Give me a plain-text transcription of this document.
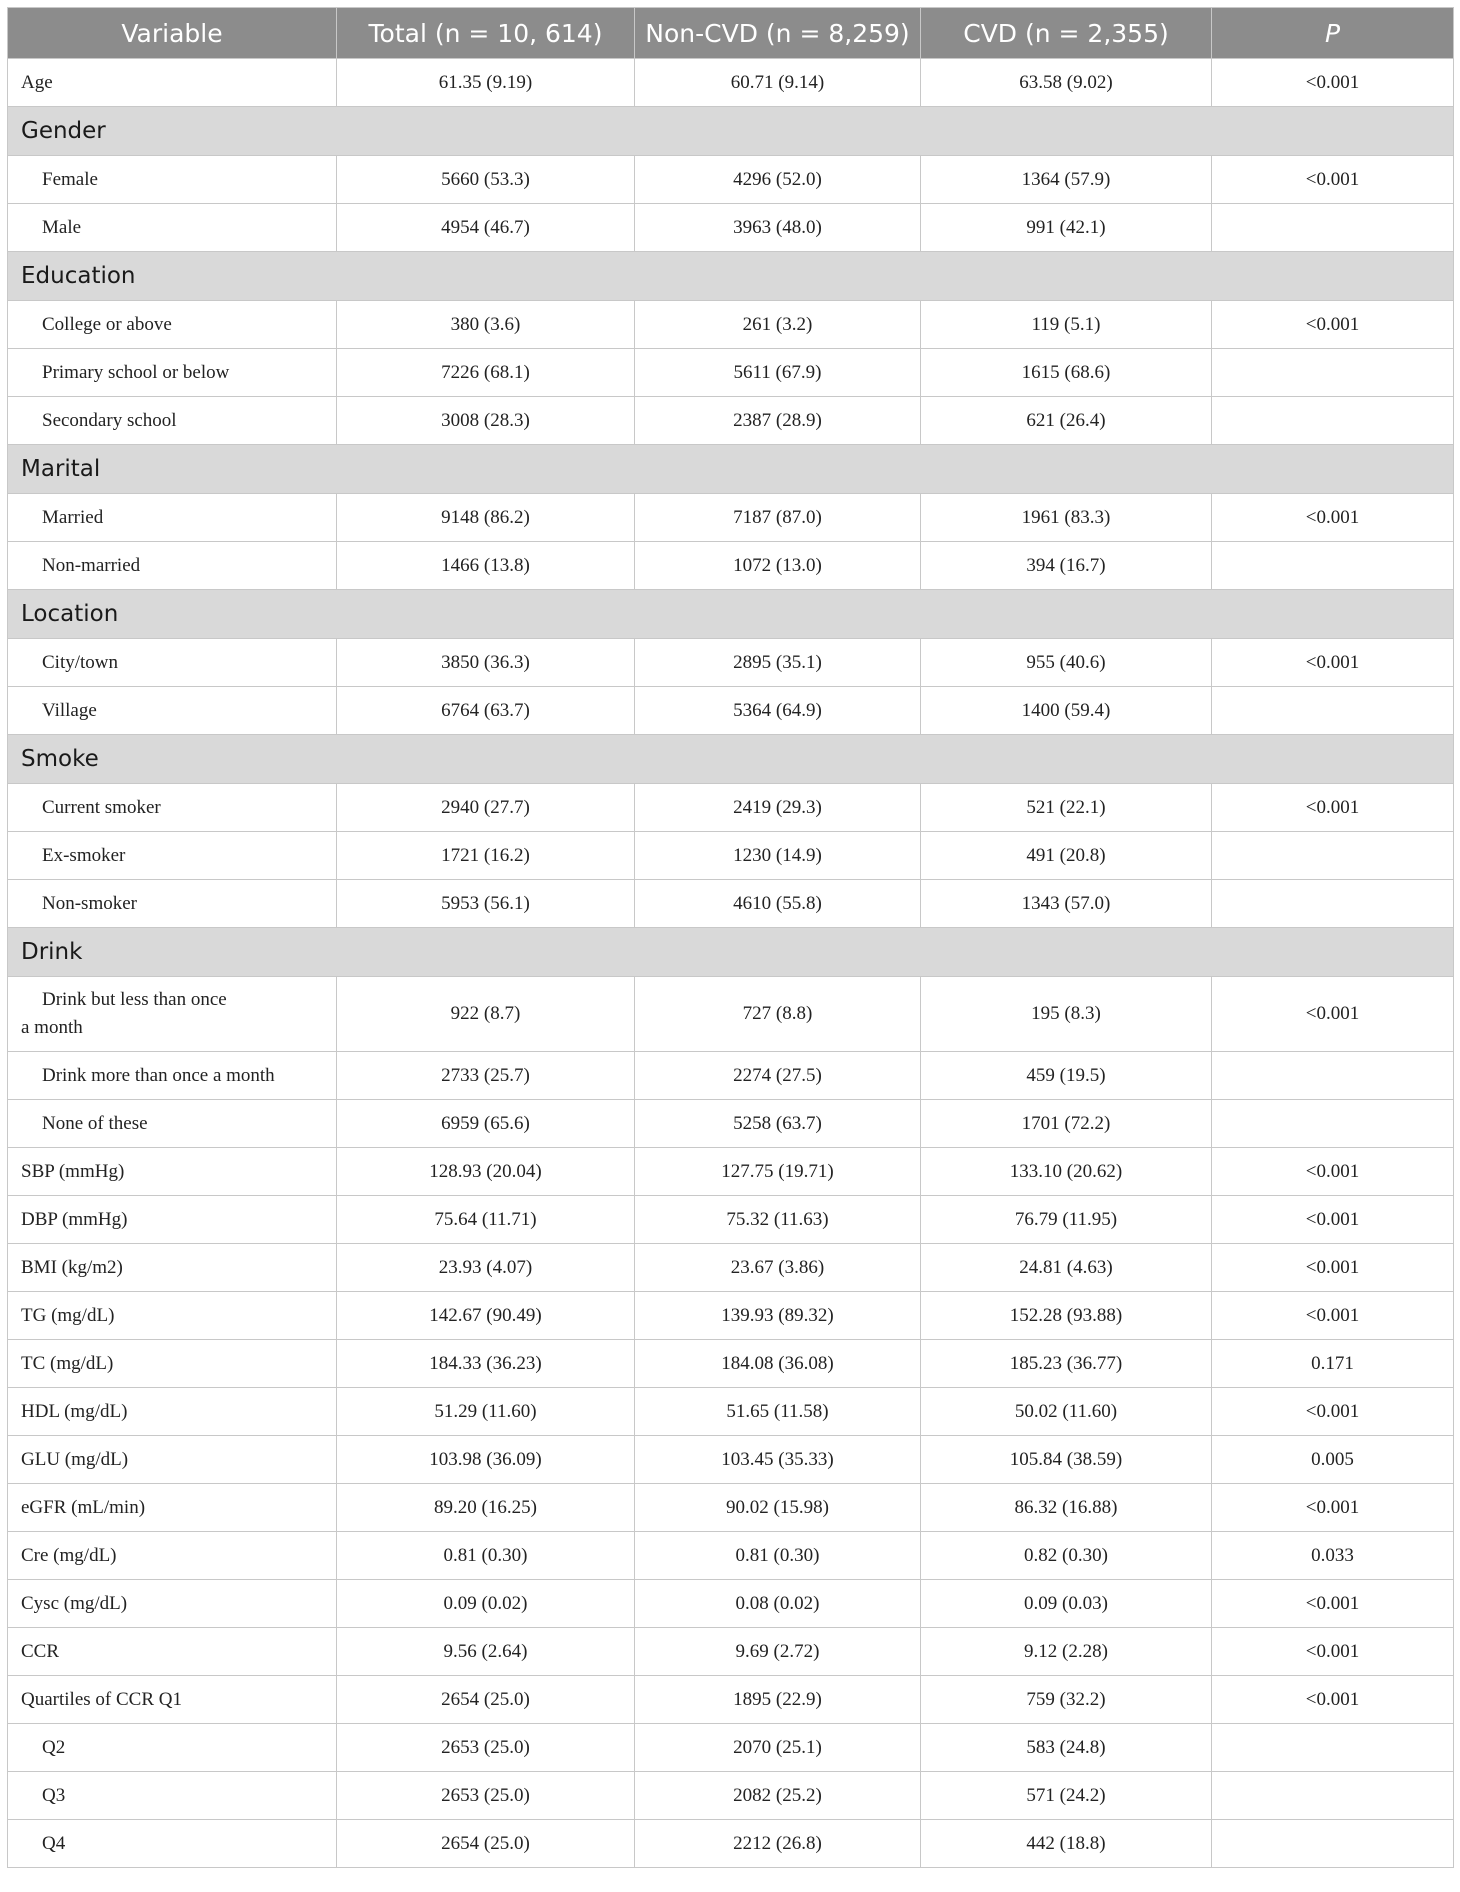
Variable	Total (n = 10, 614)	Non-CVD (n = 8,259)	CVD (n = 2,355)	P
Age	61.35 (9.19)	60.71 (9.14)	63.58 (9.02)	<0.001
Gender				
Female	5660 (53.3)	4296 (52.0)	1364 (57.9)	<0.001
Male	4954 (46.7)	3963 (48.0)	991 (42.1)	
Education				
College or above	380 (3.6)	261 (3.2)	119 (5.1)	<0.001
Primary school or below	7226 (68.1)	5611 (67.9)	1615 (68.6)	
Secondary school	3008 (28.3)	2387 (28.9)	621 (26.4)	
Marital				
Married	9148 (86.2)	7187 (87.0)	1961 (83.3)	<0.001
Non-married	1466 (13.8)	1072 (13.0)	394 (16.7)	
Location				
City/town	3850 (36.3)	2895 (35.1)	955 (40.6)	<0.001
Village	6764 (63.7)	5364 (64.9)	1400 (59.4)	
Smoke				
Current smoker	2940 (27.7)	2419 (29.3)	521 (22.1)	<0.001
Ex-smoker	1721 (16.2)	1230 (14.9)	491 (20.8)	
Non-smoker	5953 (56.1)	4610 (55.8)	1343 (57.0)	
Drink				

Drink but less than once
a month	922 (8.7)	727 (8.8)	195 (8.3)	<0.001
Drink more than once a month	2733 (25.7)	2274 (27.5)	459 (19.5)	
None of these	6959 (65.6)	5258 (63.7)	1701 (72.2)	
SBP (mmHg)	128.93 (20.04)	127.75 (19.71)	133.10 (20.62)	<0.001
DBP (mmHg)	75.64 (11.71)	75.32 (11.63)	76.79 (11.95)	<0.001
BMI (kg/m2)	23.93 (4.07)	23.67 (3.86)	24.81 (4.63)	<0.001
TG (mg/dL)	142.67 (90.49)	139.93 (89.32)	152.28 (93.88)	<0.001
TC (mg/dL)	184.33 (36.23)	184.08 (36.08)	185.23 (36.77)	0.171
HDL (mg/dL)	51.29 (11.60)	51.65 (11.58)	50.02 (11.60)	<0.001
GLU (mg/dL)	103.98 (36.09)	103.45 (35.33)	105.84 (38.59)	0.005
eGFR (mL/min)	89.20 (16.25)	90.02 (15.98)	86.32 (16.88)	<0.001
Cre (mg/dL)	0.81 (0.30)	0.81 (0.30)	0.82 (0.30)	0.033
Cysc (mg/dL)	0.09 (0.02)	0.08 (0.02)	0.09 (0.03)	<0.001
CCR	9.56 (2.64)	9.69 (2.72)	9.12 (2.28)	<0.001
Quartiles of CCR Q1	2654 (25.0)	1895 (22.9)	759 (32.2)	<0.001
Q2	2653 (25.0)	2070 (25.1)	583 (24.8)	
Q3	2653 (25.0)	2082 (25.2)	571 (24.2)	
Q4	2654 (25.0)	2212 (26.8)	442 (18.8)	
